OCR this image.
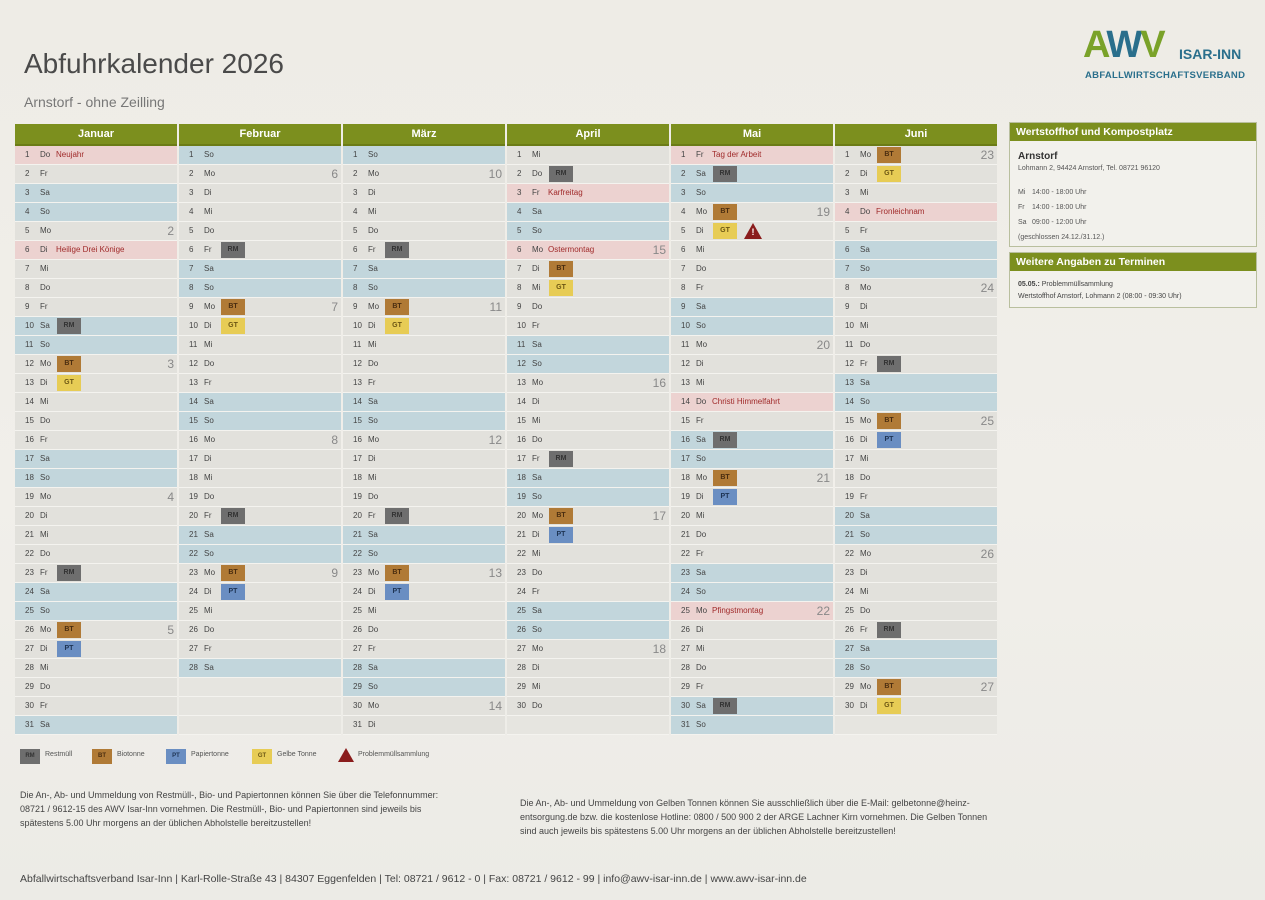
Abfuhrkalender 2026
Arnstorf - ohne Zeilling
AWV ISAR-INN
ABFALLWIRTSCHAFTSVERBAND
Januar
1 Do Neujahr
2 Fr
3 Sa
4 So
5 Mo	2
6 Di Heilige Drei Könige
7 Mi
8 Do
9 Fr
10 Sa	RM
11 So
12 Mo	BT	3
13 Di	GT
14 Mi
15 Do
16 Fr
17 Sa
18 So
19 Mo	4
20 Di
21 Mi
22 Do
23 Fr	RM
24 Sa
25 So
26 Mo	BT	5
27 Di	PT
28 Mi
29 Do
30 Fr
31 Sa
Februar
1 So
2 Mo	6
3 Di
4 Mi
5 Do
6 Fr	RM
7 Sa
8 So
9 Mo	BT	7
10 Di	GT
11 Mi
12 Do
13 Fr
14 Sa
15 So
16 Mo	8
17 Di
18 Mi
19 Do
20 Fr	RM
21 Sa
22 So
23 Mo	BT	9
24 Di	PT
25 Mi
26 Do
27 Fr
28 Sa
März
1 So
2 Mo	10
3 Di
4 Mi
5 Do
6 Fr	RM
7 Sa
8 So
9 Mo	BT	11
10 Di	GT
11 Mi
12 Do
13 Fr
14 Sa
15 So
16 Mo	12
17 Di
18 Mi
19 Do
20 Fr	RM
21 Sa
22 So
23 Mo	BT	13
24 Di	PT
25 Mi
26 Do
27 Fr
28 Sa
29 So
30 Mo	14
31 Di
April
1 Mi
2 Do	RM
3 Fr Karfreitag
4 Sa
5 So
6 Mo Ostermontag	15
7 Di	BT
8 Mi	GT
9 Do
10 Fr
11 Sa
12 So
13 Mo	16
14 Di
15 Mi
16 Do
17 Fr	RM
18 Sa
19 So
20 Mo	BT	17
21 Di	PT
22 Mi
23 Do
24 Fr
25 Sa
26 So
27 Mo	18
28 Di
29 Mi
30 Do
Mai
1 Fr Tag der Arbeit
2 Sa	RM
3 So
4 Mo	BT	19
5 Di	GT	!
6 Mi
7 Do
8 Fr
9 Sa
10 So
11 Mo	20
12 Di
13 Mi
14 Do Christi Himmelfahrt
15 Fr
16 Sa	RM
17 So
18 Mo	BT	21
19 Di	PT
20 Mi
21 Do
22 Fr
23 Sa
24 So
25 Mo Pfingstmontag	22
26 Di
27 Mi
28 Do
29 Fr
30 Sa	RM
31 So
Juni
1 Mo	BT	23
2 Di	GT
3 Mi
4 Do Fronleichnam
5 Fr
6 Sa
7 So
8 Mo	24
9 Di
10 Mi
11 Do
12 Fr	RM
13 Sa
14 So
15 Mo	BT	25
16 Di	PT
17 Mi
18 Do
19 Fr
20 Sa
21 So
22 Mo	26
23 Di
24 Mi
25 Do
26 Fr	RM
27 Sa
28 So
29 Mo	BT	27
30 Di	GT
Wertstoffhof und Kompostplatz
Arnstorf
Lohmann 2, 94424 Arnstorf, Tel. 08721 96120
Mi 14:00 - 18:00 Uhr
Fr 14:00 - 18:00 Uhr
Sa 09:00 - 12:00 Uhr
(geschlossen 24.12./31.12.)
Weitere Angaben zu Terminen
05.05.: Problemmüllsammlung
Wertstoffhof Arnstorf, Lohmann 2 (08:00 - 09:30 Uhr)
RM	Restmüll	BT	Biotonne	PT	Papiertonne	GT	Gelbe Tonne	Problemmüllsammlung
Die An-, Ab- und Ummeldung von Restmüll-, Bio- und Papiertonnen können Sie über die Telefonnummer: 08721 / 9612-15 des AWV Isar-Inn vornehmen. Die Restmüll-, Bio- und Papiertonnen sind jeweils bis spätestens 5.00 Uhr morgens an der üblichen Abholstelle bereitzustellen!
Die An-, Ab- und Ummeldung von Gelben Tonnen können Sie ausschließlich über die E-Mail: gelbetonne@heinz-entsorgung.de bzw. die kostenlose Hotline: 0800 / 500 900 2 der ARGE Lachner Kirn vornehmen. Die Gelben Tonnen sind auch jeweils bis spätestens 5.00 Uhr morgens an der üblichen Abholstelle bereitzustellen!
Abfallwirtschaftsverband Isar-Inn | Karl-Rolle-Straße 43 | 84307 Eggenfelden | Tel: 08721 / 9612 - 0 | Fax: 08721 / 9612 - 99 | info@awv-isar-inn.de | www.awv-isar-inn.de
